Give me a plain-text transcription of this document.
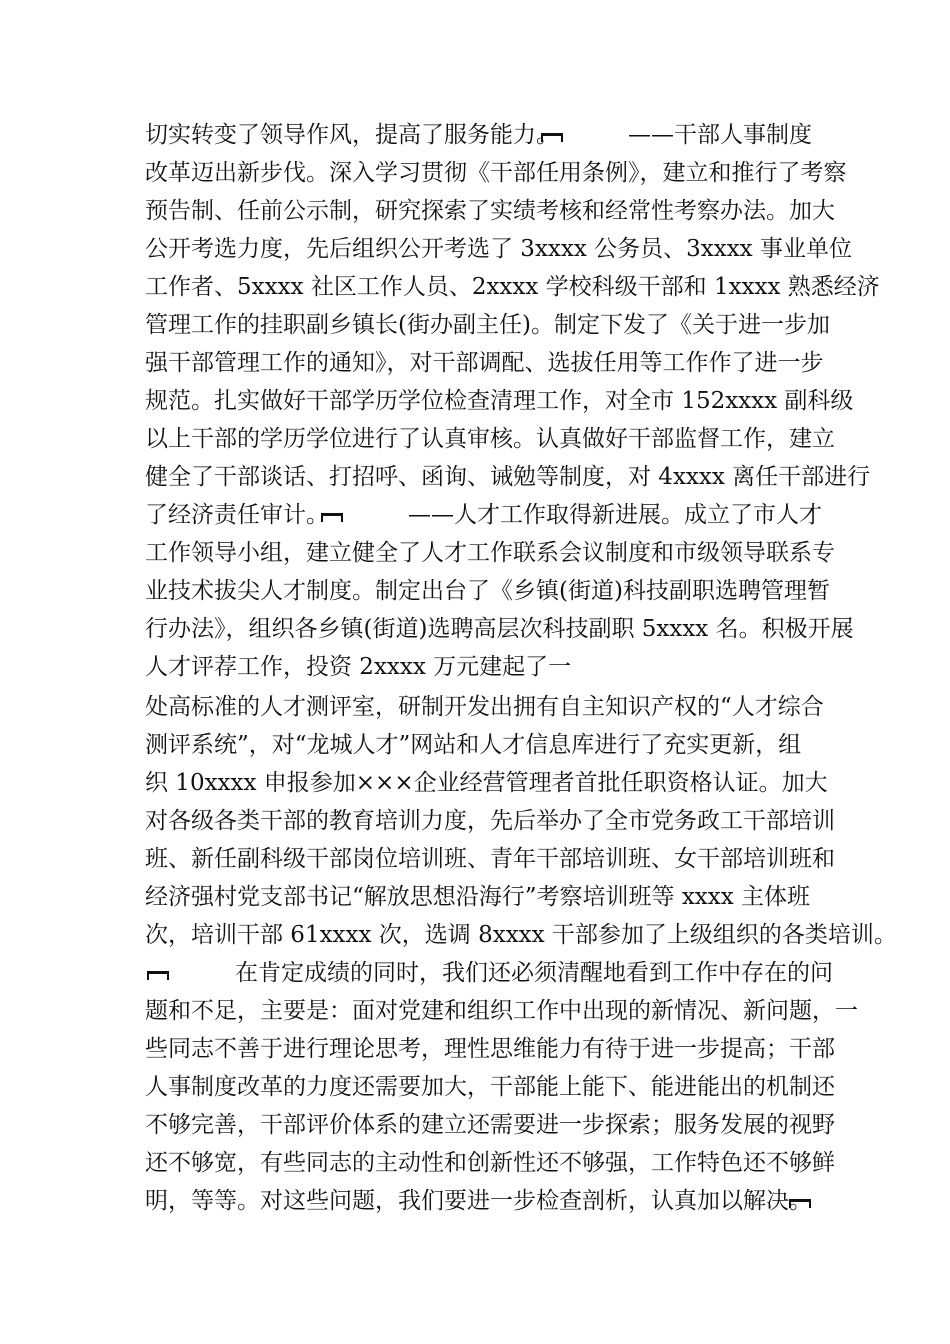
切实转变了领导作风，提高了服务能力。	——干部人事制度
改革迈出新步伐。深入学习贯彻《干部任用条例》，建立和推行了考察
预告制、任前公示制，研究探索了实绩考核和经常性考察办法。加大
公开考选力度，先后组织公开考选了 3xxxx 公务员、3xxxx 事业单位
工作者、5xxxx 社区工作人员、2xxxx 学校科级干部和 1xxxx 熟悉经济
管理工作的挂职副乡镇长(街办副主任)。制定下发了《关于进一步加
强干部管理工作的通知》，对干部调配、选拔任用等工作作了进一步
规范。扎实做好干部学历学位检查清理工作，对全市 152xxxx 副科级
以上干部的学历学位进行了认真审核。认真做好干部监督工作，建立
健全了干部谈话、打招呼、函询、诫勉等制度，对 4xxxx 离任干部进行
了经济责任审计。	——人才工作取得新进展。成立了市人才
工作领导小组，建立健全了人才工作联系会议制度和市级领导联系专
业技术拔尖人才制度。制定出台了《乡镇(街道)科技副职选聘管理暂
行办法》，组织各乡镇(街道)选聘高层次科技副职 5xxxx 名。积极开展
人才评荐工作，投资 2xxxx 万元建起了一
处高标准的人才测评室，研制开发出拥有自主知识产权的“人才综合
测评系统”，对“龙城人才”网站和人才信息库进行了充实更新，组
织 10xxxx 申报参加×××企业经营管理者首批任职资格认证。加大
对各级各类干部的教育培训力度，先后举办了全市党务政工干部培训
班、新任副科级干部岗位培训班、青年干部培训班、女干部培训班和
经济强村党支部书记“解放思想沿海行”考察培训班等 xxxx 主体班
次，培训干部 61xxxx 次，选调 8xxxx 干部参加了上级组织的各类培训。
在肯定成绩的同时，我们还必须清醒地看到工作中存在的问
题和不足，主要是：面对党建和组织工作中出现的新情况、新问题，一
些同志不善于进行理论思考，理性思维能力有待于进一步提高；干部
人事制度改革的力度还需要加大，干部能上能下、能进能出的机制还
不够完善，干部评价体系的建立还需要进一步探索；服务发展的视野
还不够宽，有些同志的主动性和创新性还不够强，工作特色还不够鲜
明，等等。对这些问题，我们要进一步检查剖析，认真加以解决。
